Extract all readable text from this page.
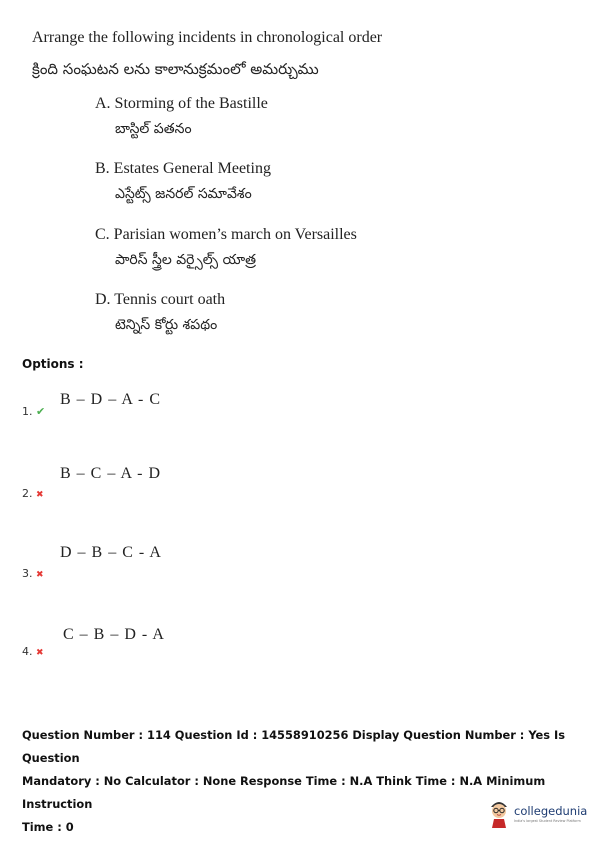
Arrange the following incidents in chronological order
క్రింది సంఘటన లను కాలానుక్రమంలో అమర్చుము
A. Storming of the Bastille
బాస్టిల్ పతనం
B. Estates General Meeting
ఎస్టేట్స్ జనరల్ సమావేశం
C. Parisian women’s march on Versailles
పారిస్ స్త్రీల వర్సైల్స్ యాత్ర
D. Tennis court oath
టెన్నిస్ కోర్టు శపథం
Options :
B – D – A - C
1. ✔
B – C – A - D
2. ✖
D – B – C - A
3. ✖
C – B – D - A
4. ✖
Question Number : 114 Question Id : 14558910256 Display Question Number : Yes Is Question
Mandatory : No Calculator : None Response Time : N.A Think Time : N.A Minimum Instruction
Time : 0
collegedunia
India's largest Student Review Platform
